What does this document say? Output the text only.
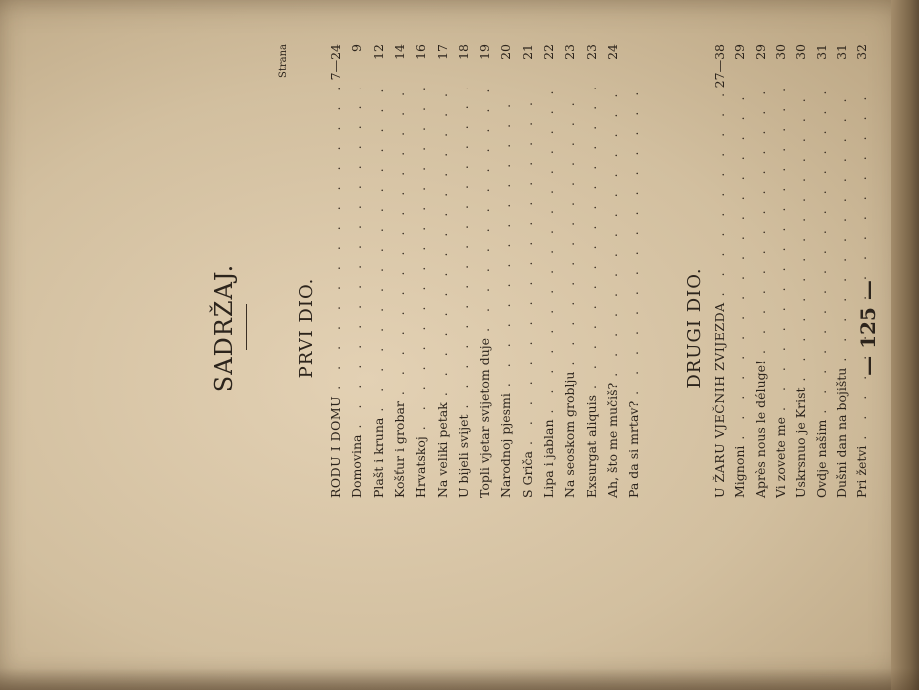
SADRŽAJ.	PRVI DIO.
Strana
RODU I DOMU
. . .
7—24
Domovina
. . .
9
Plašt i kruna
. . .
12
Košťur i grobar
. . .
14
Hrvatskoj
. . .
16
Na veliki petak
. . .
17
U bijeli svijet
. . .
18
Topli vjetar svijetom duje
. . .
19
Narodnoj pjesmi
. . .
20
S Griča
. . .
21
Lipa i jablan
. . .
22
Na seoskom groblju
. . .
23
Exsurgat aliquis
. . .
23
Ah, što me mučiš?
. . .
24
Pa da si mrtav?
. . .
DRUGI DIO. U ŽARU VJEČNIH ZVIJEZDA
. . .
27—38
Mignoni
. . .
29
Après nous le déluge!
. . .
29
Vi zovete me
. . .
30
Uskrsnuo je Krist
. . .
30
Ovdje našim
. . .
31
Dušni dan na bojištu
. . .
31
Pri žetvi
. . .
32
— 125 —
